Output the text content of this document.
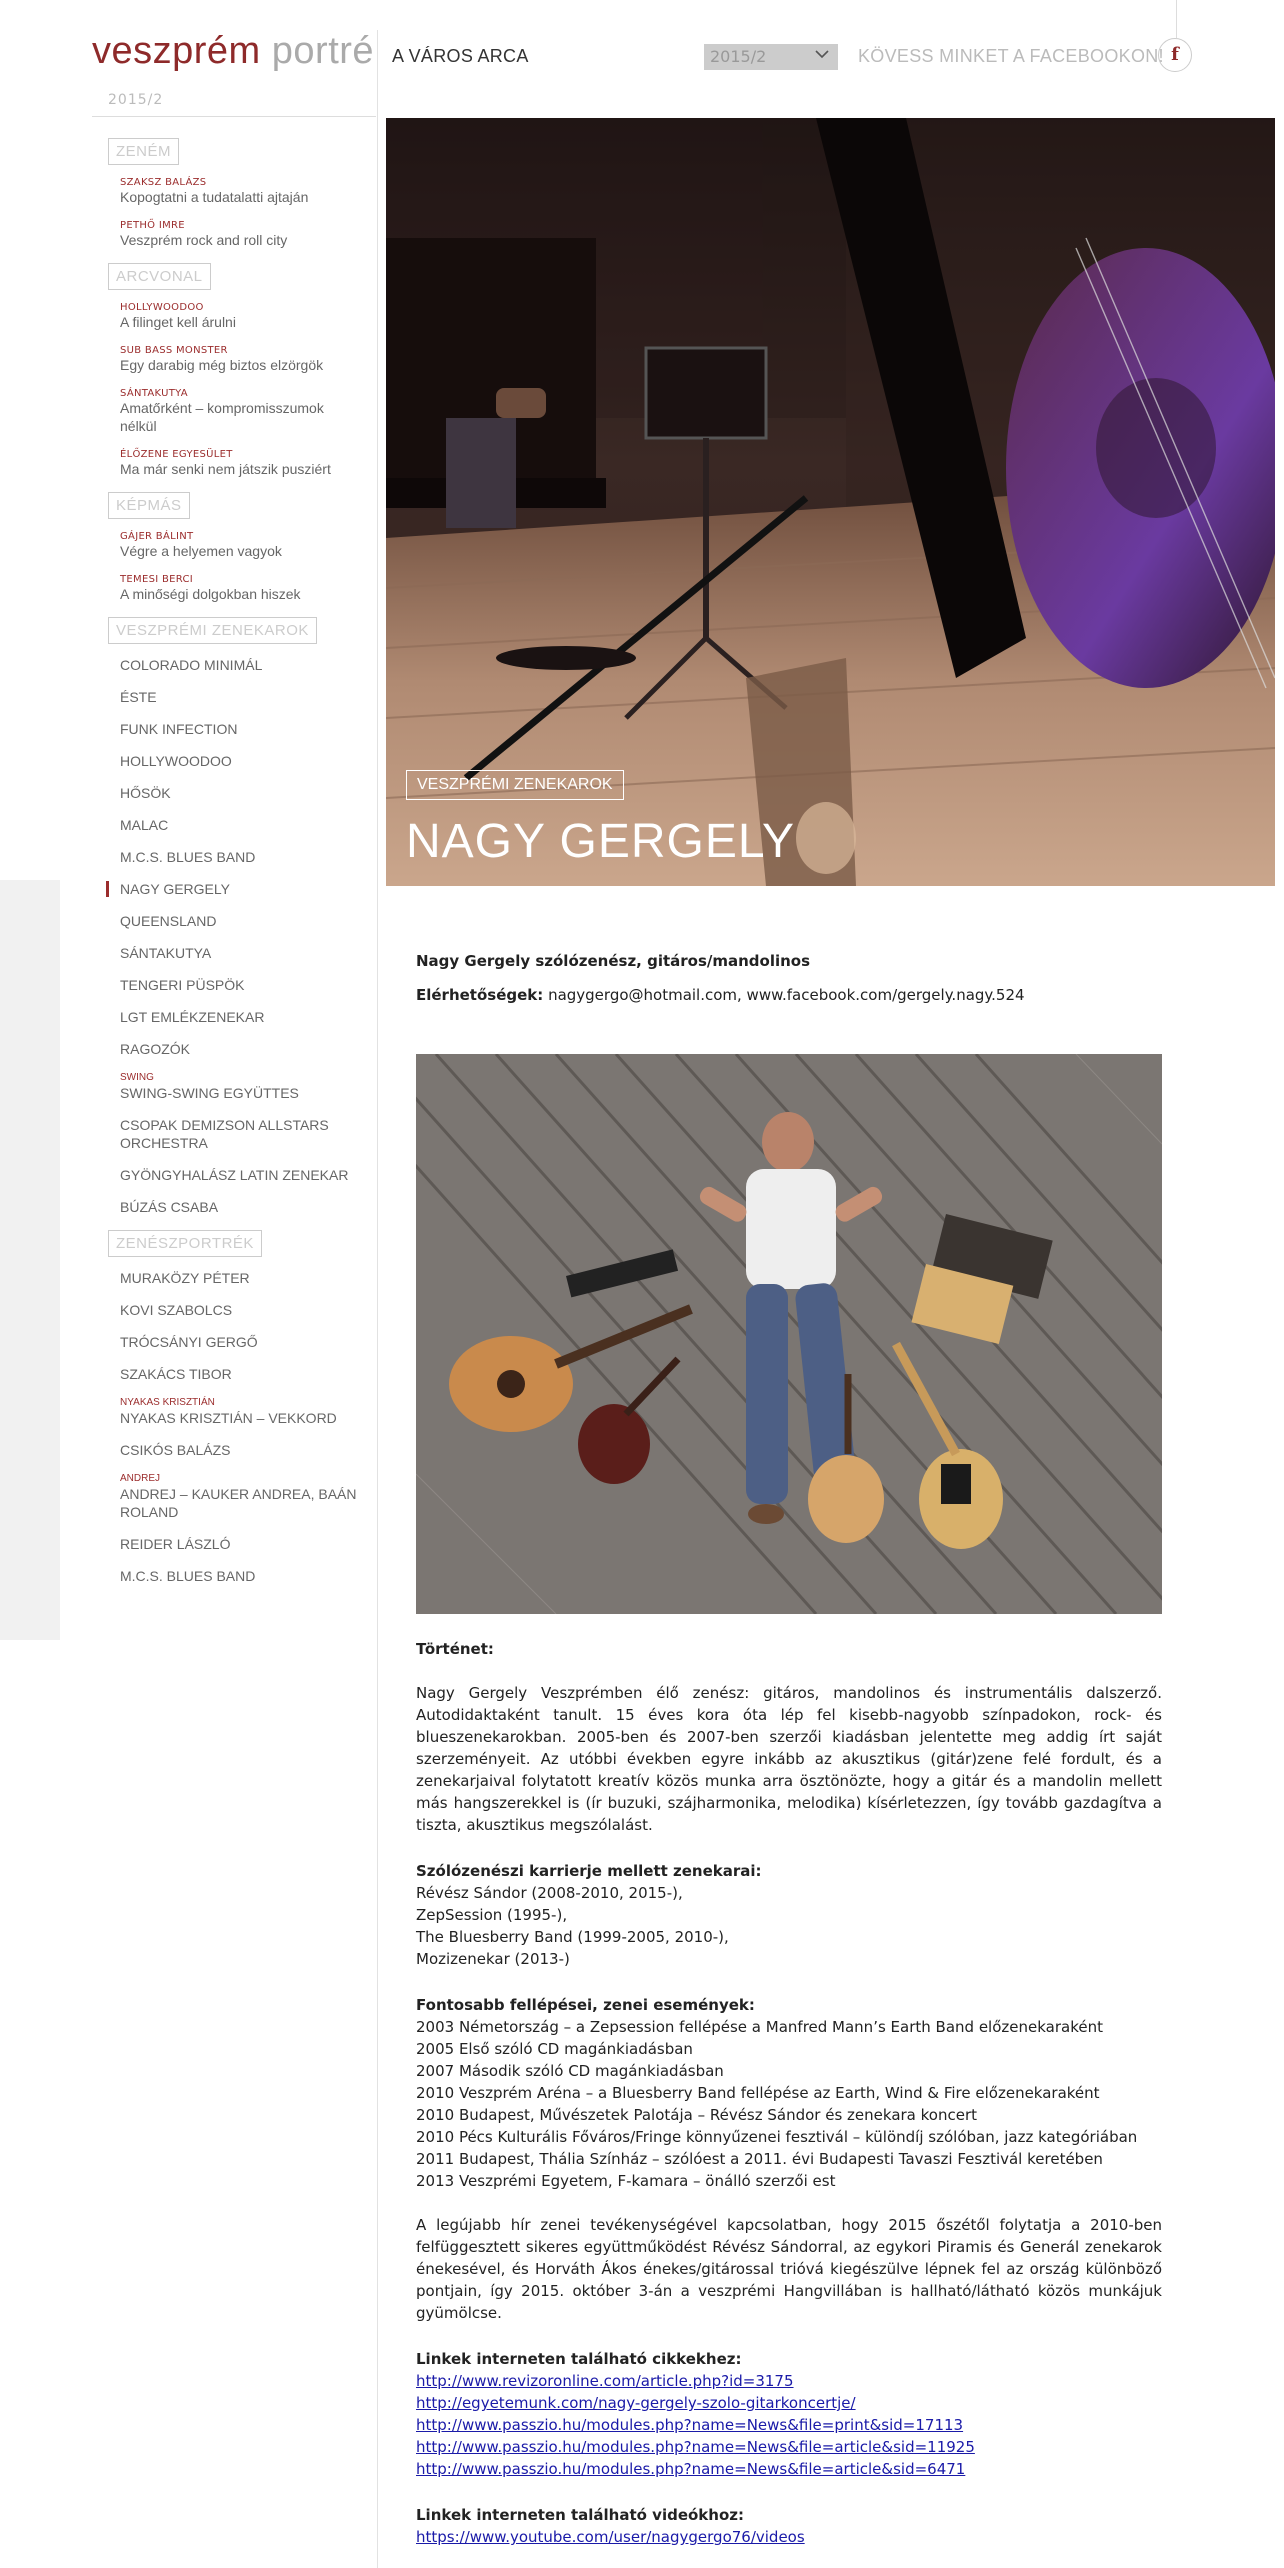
veszprém portré
2015/2
A VÁROS ARCA	2015/2	KÖVESS MINKET A FACEBOOKON! f
ZENÉM
SZAKSZ BALÁZS
Kopogtatni a tudatalatti ajtaján
PETHŐ IMRE
Veszprém rock and roll city
ARCVONAL
HOLLYWOODOO
A filinget kell árulni
SUB BASS MONSTER
Egy darabig még biztos elzörgök
SÁNTAKUTYA
Amatőrként – kompromisszumok nélkül
ÉLŐZENE EGYESÜLET
Ma már senki nem játszik pusziért
KÉPMÁS
GÁJER BÁLINT
Végre a helyemen vagyok
TEMESI BERCI
A minőségi dolgokban hiszek
VESZPRÉMI ZENEKAROK
COLORADO MINIMÁL
ÉSTE
FUNK INFECTION
HOLLYWOODOO
HŐSÖK
MALAC
M.C.S. BLUES BAND
NAGY GERGELY
QUEENSLAND
SÁNTAKUTYA
TENGERI PÜSPÖK
LGT EMLÉKZENEKAR
RAGOZÓK
SWING
SWING-SWING EGYÜTTES
CSOPAK DEMIZSON ALLSTARS ORCHESTRA
GYÖNGYHALÁSZ LATIN ZENEKAR
BÚZÁS CSABA
ZENÉSZPORTRÉK
MURAKÖZY PÉTER
KOVI SZABOLCS
TRÓCSÁNYI GERGŐ
SZAKÁCS TIBOR
NYAKAS KRISZTIÁN
NYAKAS KRISZTIÁN – VEKKORD
CSIKÓS BALÁZS
ANDREJ
ANDREJ – KAUKER ANDREA, BAÁN ROLAND
REIDER LÁSZLÓ
M.C.S. BLUES BAND
VESZPRÉMI ZENEKAROK
NAGY GERGELY
Nagy Gergely szólózenész, gitáros/mandolinos
Elérhetőségek: nagygergo@hotmail.com, www.facebook.com/gergely.nagy.524
Történet:
Nagy Gergely Veszprémben élő zenész: gitáros, mandolinos és instrumentális dalszerző. Autodidaktaként tanult. 15 éves kora óta lép fel kisebb-nagyobb színpadokon, rock- és blueszenekarokban. 2005-ben és 2007-ben szerzői kiadásban jelentette meg addig írt saját szerzeményeit. Az utóbbi években egyre inkább az akusztikus (gitár)zene felé fordult, és a zenekarjaival folytatott kreatív közös munka arra ösztönözte, hogy a gitár és a mandolin mellett más hangszerekkel is (ír buzuki, szájharmonika, melodika) kísérletezzen, így tovább gazdagítva a tiszta, akusztikus megszólalást.
Szólózenészi karrierje mellett zenekarai:
Révész Sándor (2008-2010, 2015-),
ZepSession (1995-),
The Bluesberry Band (1999-2005, 2010-),
Mozizenekar (2013-)
Fontosabb fellépései, zenei események:
2003 Németország – a Zepsession fellépése a Manfred Mann’s Earth Band előzenekaraként
2005 Első szóló CD magánkiadásban
2007 Második szóló CD magánkiadásban
2010 Veszprém Aréna – a Bluesberry Band fellépése az Earth, Wind & Fire előzenekaraként
2010 Budapest, Művészetek Palotája – Révész Sándor és zenekara koncert
2010 Pécs Kulturális Főváros/Fringe könnyűzenei fesztivál – különdíj szólóban, jazz kategóriában
2011 Budapest, Thália Színház – szólóest a 2011. évi Budapesti Tavaszi Fesztivál keretében
2013 Veszprémi Egyetem, F-kamara – önálló szerzői est
A legújabb hír zenei tevékenységével kapcsolatban, hogy 2015 őszétől folytatja a 2010-ben felfüggesztett sikeres együttműködést Révész Sándorral, az egykori Piramis és Generál zenekarok énekesével, és Horváth Ákos énekes/gitárossal trióvá kiegészülve lépnek fel az ország különböző pontjain, így 2015. október 3-án a veszprémi Hangvillában is hallható/látható közös munkájuk gyümölcse.
Linkek interneten található cikkekhez:
http://www.revizoronline.com/article.php?id=3175
http://egyetemunk.com/nagy-gergely-szolo-gitarkoncertje/
http://www.passzio.hu/modules.php?name=News&file=print&sid=17113
http://www.passzio.hu/modules.php?name=News&file=article&sid=11925
http://www.passzio.hu/modules.php?name=News&file=article&sid=6471
Linkek interneten található videókhoz:
https://www.youtube.com/user/nagygergo76/videos
